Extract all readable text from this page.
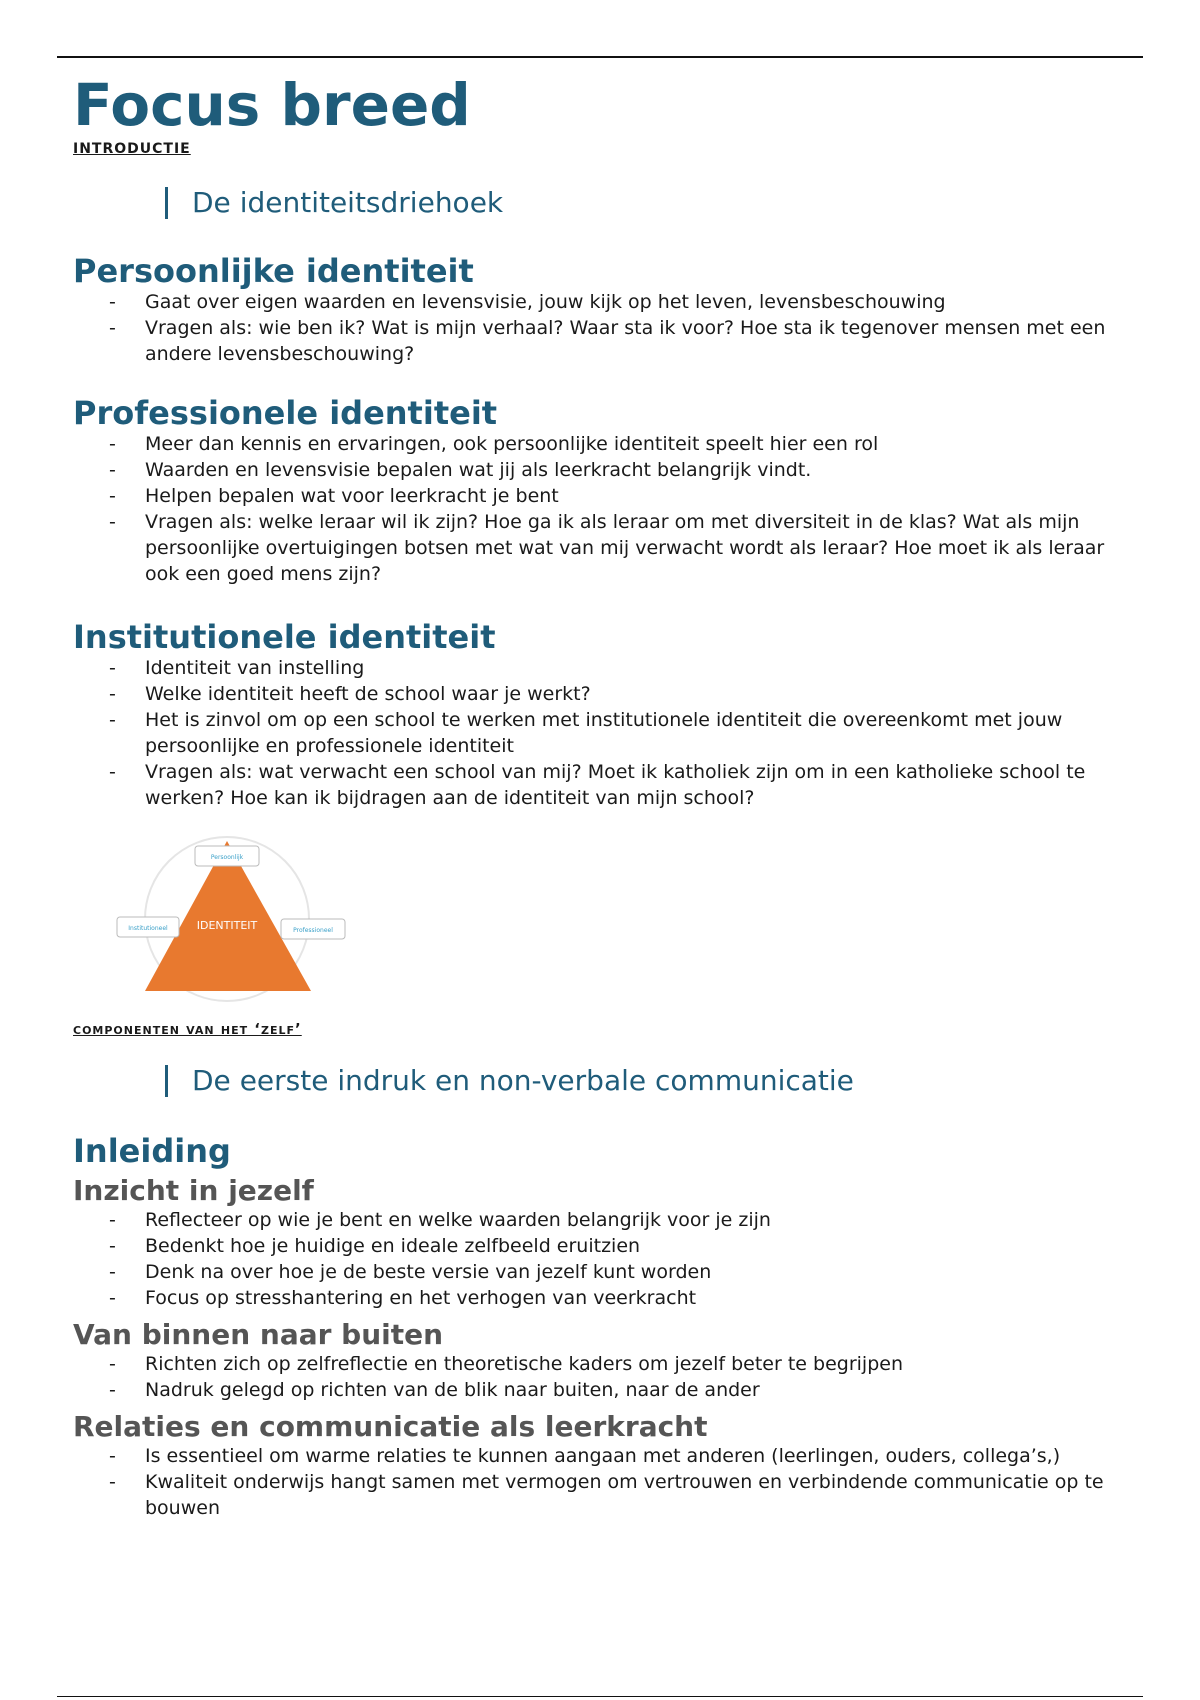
Focus breed
INTRODUCTIE
De identiteitsdriehoek
Persoonlijke identiteit
- Gaat over eigen waarden en levensvisie, jouw kijk op het leven, levensbeschouwing
- Vragen als: wie ben ik? Wat is mijn verhaal? Waar sta ik voor? Hoe sta ik tegenover mensen met een andere levensbeschouwing?
Professionele identiteit
- Meer dan kennis en ervaringen, ook persoonlijke identiteit speelt hier een rol
- Waarden en levensvisie bepalen wat jij als leerkracht belangrijk vindt.
- Helpen bepalen wat voor leerkracht je bent
- Vragen als: welke leraar wil ik zijn? Hoe ga ik als leraar om met diversiteit in de klas? Wat als mijn persoonlijke overtuigingen botsen met wat van mij verwacht wordt als leraar? Hoe moet ik als leraar ook een goed mens zijn?
Institutionele identiteit
- Identiteit van instelling
- Welke identiteit heeft de school waar je werkt?
- Het is zinvol om op een school te werken met institutionele identiteit die overeenkomt met jouw persoonlijke en professionele identiteit
- Vragen als: wat verwacht een school van mij? Moet ik katholiek zijn om in een katholieke school te werken? Hoe kan ik bijdragen aan de identiteit van mijn school?
IDENTITEIT
Persoonlijk
Institutioneel	Professioneel
componenten van het ‘zelf’
De eerste indruk en non-verbale communicatie
Inleiding
Inzicht in jezelf
- Reflecteer op wie je bent en welke waarden belangrijk voor je zijn
- Bedenkt hoe je huidige en ideale zelfbeeld eruitzien
- Denk na over hoe je de beste versie van jezelf kunt worden
- Focus op stresshantering en het verhogen van veerkracht
Van binnen naar buiten
- Richten zich op zelfreflectie en theoretische kaders om jezelf beter te begrijpen
- Nadruk gelegd op richten van de blik naar buiten, naar de ander
Relaties en communicatie als leerkracht
- Is essentieel om warme relaties te kunnen aangaan met anderen (leerlingen, ouders, collega’s,)
- Kwaliteit onderwijs hangt samen met vermogen om vertrouwen en verbindende communicatie op te bouwen
